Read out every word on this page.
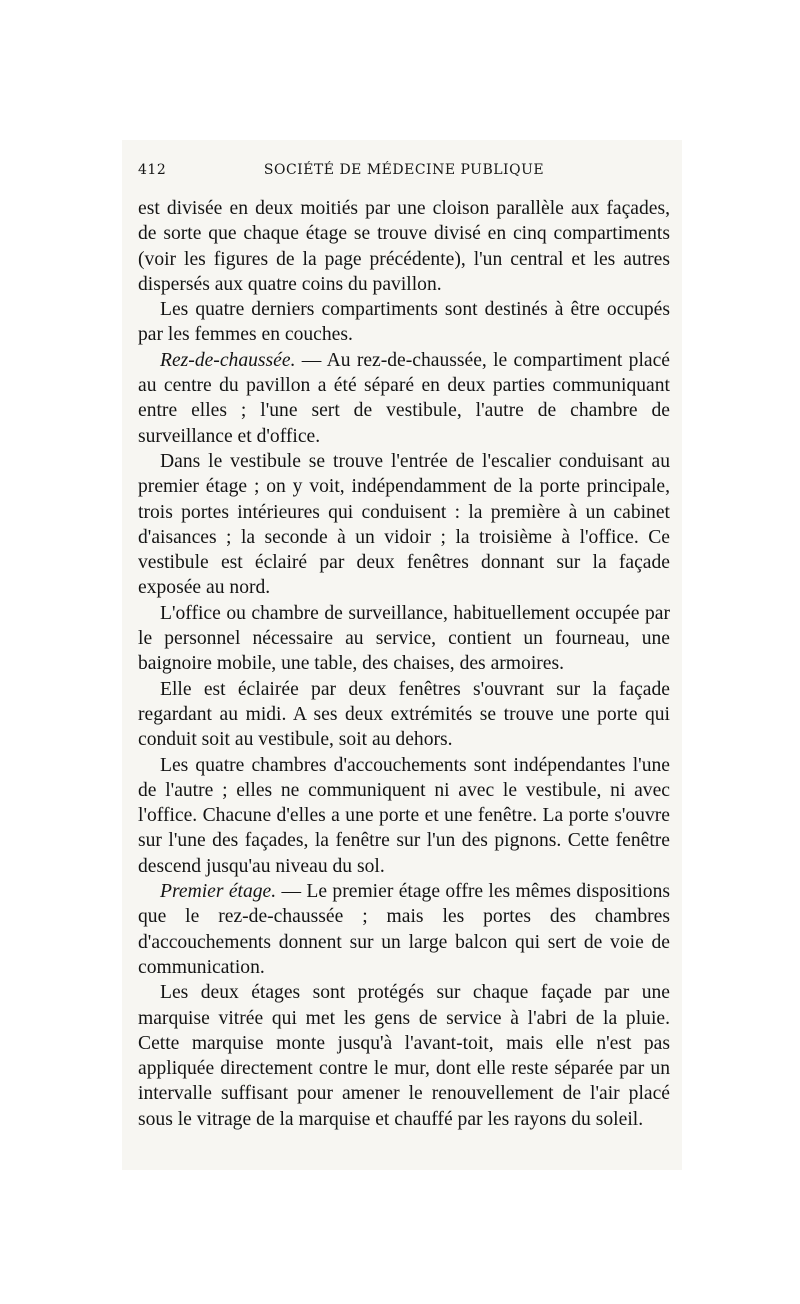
412	SOCIÉTÉ DE MÉDECINE PUBLIQUE

est divisée en deux moitiés par une cloison parallèle aux façades, de sorte que chaque étage se trouve divisé en cinq compartiments (voir les figures de la page précédente), l'un central et les autres dispersés aux quatre coins du pavillon.

Les quatre derniers compartiments sont destinés à être occupés par les femmes en couches.

Rez-de-chaussée. — Au rez-de-chaussée, le compartiment placé au centre du pavillon a été séparé en deux parties communiquant entre elles ; l'une sert de vestibule, l'autre de chambre de surveillance et d'office.

Dans le vestibule se trouve l'entrée de l'escalier conduisant au premier étage ; on y voit, indépendamment de la porte principale, trois portes intérieures qui conduisent : la première à un cabinet d'aisances ; la seconde à un vidoir ; la troisième à l'office. Ce vestibule est éclairé par deux fenêtres donnant sur la façade exposée au nord.

L'office ou chambre de surveillance, habituellement occupée par le personnel nécessaire au service, contient un fourneau, une baignoire mobile, une table, des chaises, des armoires.

Elle est éclairée par deux fenêtres s'ouvrant sur la façade regardant au midi. A ses deux extrémités se trouve une porte qui conduit soit au vestibule, soit au dehors.

Les quatre chambres d'accouchements sont indépendantes l'une de l'autre ; elles ne communiquent ni avec le vestibule, ni avec l'office. Chacune d'elles a une porte et une fenêtre. La porte s'ouvre sur l'une des façades, la fenêtre sur l'un des pignons. Cette fenêtre descend jusqu'au niveau du sol.

Premier étage. — Le premier étage offre les mêmes dispositions que le rez-de-chaussée ; mais les portes des chambres d'accouchements donnent sur un large balcon qui sert de voie de communication.

Les deux étages sont protégés sur chaque façade par une marquise vitrée qui met les gens de service à l'abri de la pluie. Cette marquise monte jusqu'à l'avant-toit, mais elle n'est pas appliquée directement contre le mur, dont elle reste séparée par un intervalle suffisant pour amener le renouvellement de l'air placé sous le vitrage de la marquise et chauffé par les rayons du soleil.
